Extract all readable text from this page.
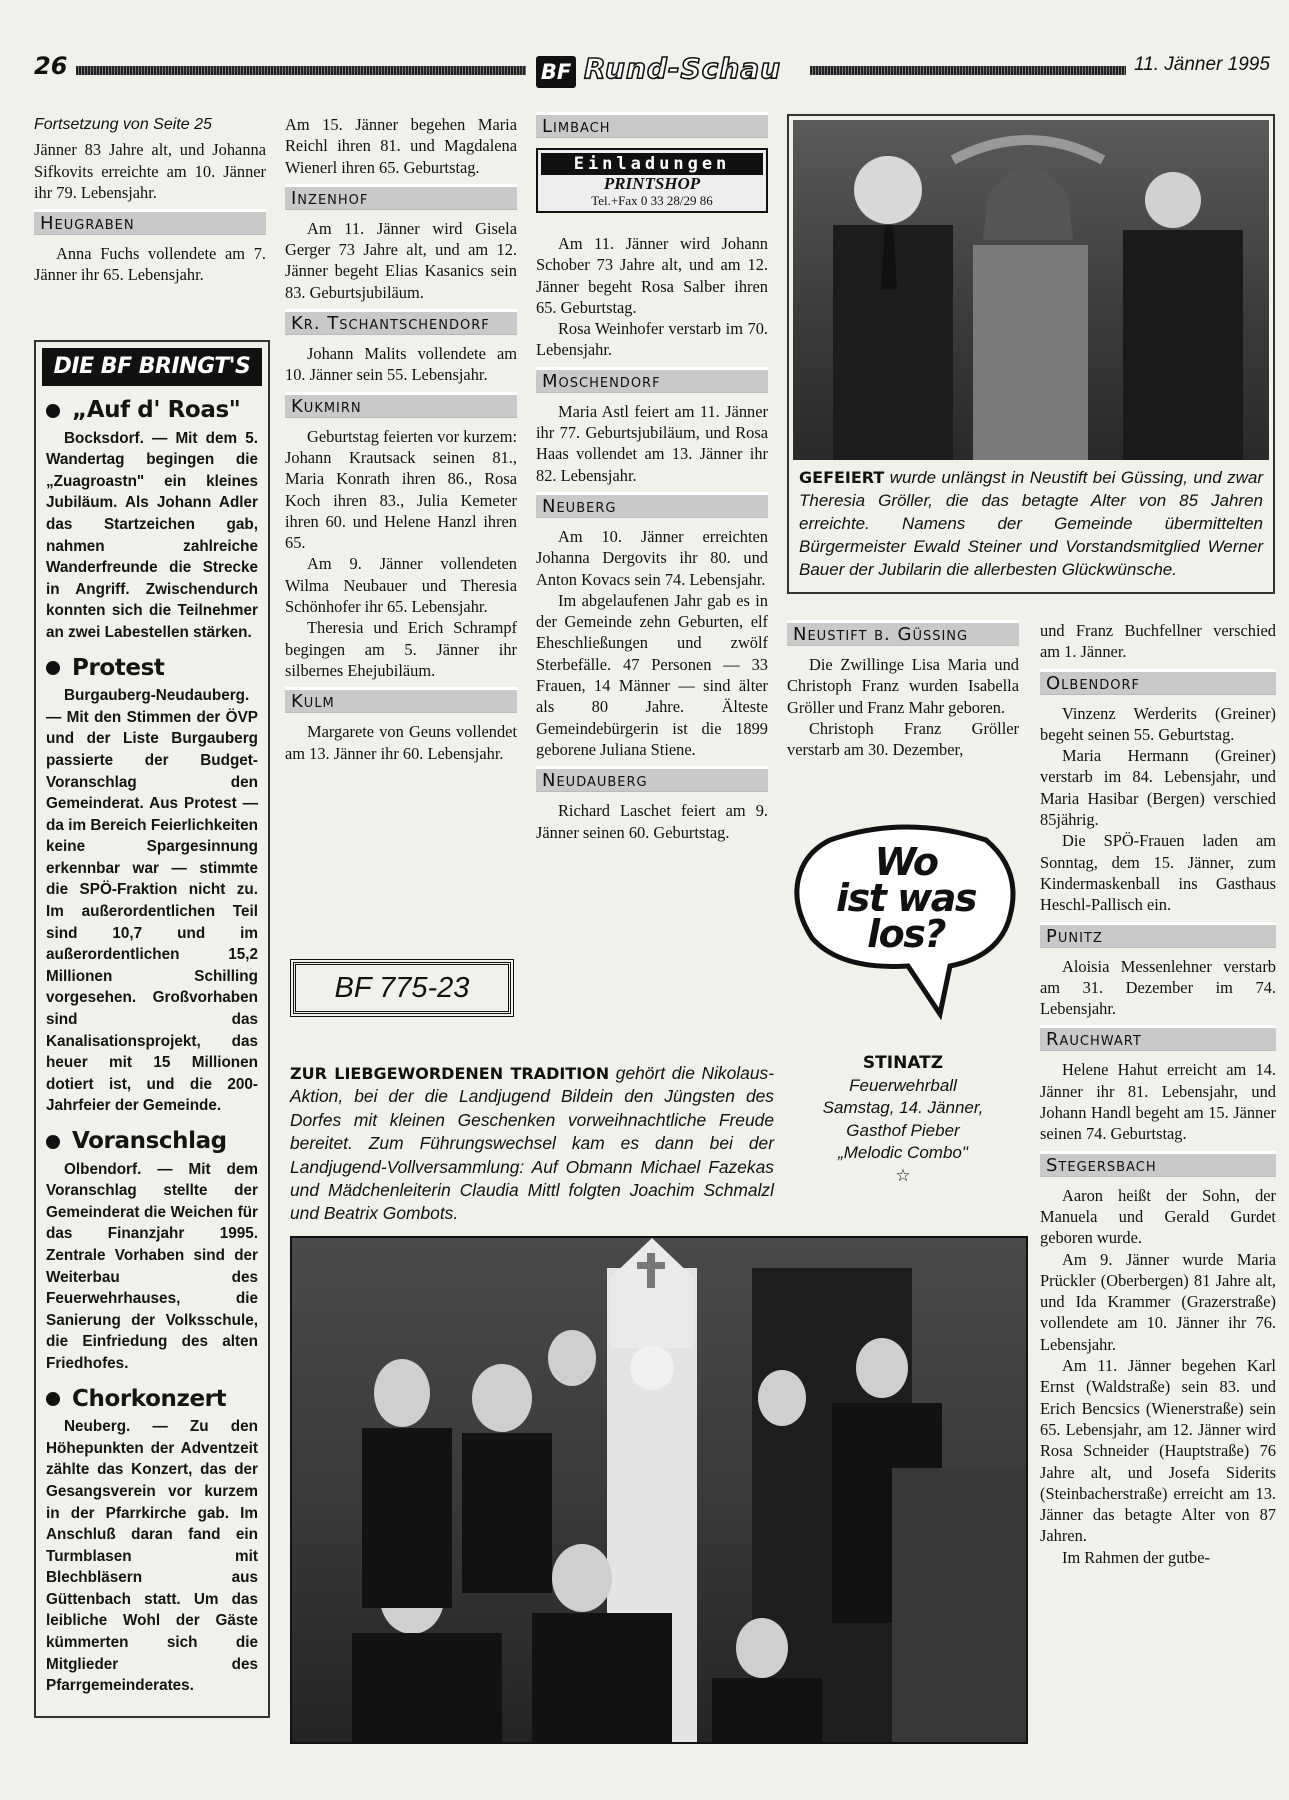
26	BF Rund-Schau	11. Jänner 1995

Fortsetzung von Seite 25

Jänner 83 Jahre alt, und Johanna Sifkovits erreichte am 10. Jänner ihr 79. Lebensjahr.

Heugraben

Anna Fuchs vollendete am 7. Jänner ihr 65. Lebensjahr.

DIE BF BRINGT'S
„Auf d' Roas"

Bocksdorf. — Mit dem 5. Wandertag begingen die „Zuagroastn" ein kleines Jubiläum. Als Johann Adler das Startzeichen gab, nahmen zahlreiche Wanderfreunde die Strecke in Angriff. Zwischendurch konnten sich die Teilnehmer an zwei Labestellen stärken.

Protest

Burgauberg-Neudauberg. — Mit den Stimmen der ÖVP und der Liste Burgauberg passierte der Budget-Voranschlag den Gemeinderat. Aus Protest — da im Bereich Feierlichkeiten keine Spargesinnung erkennbar war — stimmte die SPÖ-Fraktion nicht zu. Im außerordentlichen Teil sind 10,7 und im außerordentlichen 15,2 Millionen Schilling vorgesehen. Großvorhaben sind das Kanalisationsprojekt, das heuer mit 15 Millionen dotiert ist, und die 200-Jahrfeier der Gemeinde.

Voranschlag

Olbendorf. — Mit dem Voranschlag stellte der Gemeinderat die Weichen für das Finanzjahr 1995. Zentrale Vorhaben sind der Weiterbau des Feuerwehrhauses, die Sanierung der Volksschule, die Einfriedung des alten Friedhofes.

Chorkonzert

Neuberg. — Zu den Höhepunkten der Adventzeit zählte das Konzert, das der Gesangsverein vor kurzem in der Pfarrkirche gab. Im Anschluß daran fand ein Turmblasen mit Blechbläsern aus Güttenbach statt. Um das leibliche Wohl der Gäste kümmerten sich die Mitglieder des Pfarrgemeinderates.

Am 15. Jänner begehen Maria Reichl ihren 81. und Magdalena Wienerl ihren 65. Geburtstag.

Inzenhof

Am 11. Jänner wird Gisela Gerger 73 Jahre alt, und am 12. Jänner begeht Elias Kasanics sein 83. Geburtsjubiläum.

Kr. Tschantschendorf

Johann Malits vollendete am 10. Jänner sein 55. Lebensjahr.

Kukmirn

Geburtstag feierten vor kurzem: Johann Krautsack seinen 81., Maria Konrath ihren 86., Rosa Koch ihren 83., Julia Kemeter ihren 60. und Helene Hanzl ihren 65.

Am 9. Jänner vollendeten Wilma Neubauer und Theresia Schönhofer ihr 65. Lebensjahr.

Theresia und Erich Schrampf begingen am 5. Jänner ihr silbernes Ehejubiläum.

Kulm

Margarete von Geuns vollendet am 13. Jänner ihr 60. Lebensjahr.

BF 775-23
Limbach
Einladungen
PRINTSHOP
Tel.+Fax 0 33 28/29 86

Am 11. Jänner wird Johann Schober 73 Jahre alt, und am 12. Jänner begeht Rosa Salber ihren 65. Geburtstag.

Rosa Weinhofer verstarb im 70. Lebensjahr.

Moschendorf

Maria Astl feiert am 11. Jänner ihr 77. Geburtsjubiläum, und Rosa Haas vollendet am 13. Jänner ihr 82. Lebensjahr.

Neuberg

Am 10. Jänner erreichten Johanna Dergovits ihr 80. und Anton Kovacs sein 74. Lebensjahr.

Im abgelaufenen Jahr gab es in der Gemeinde zehn Geburten, elf Eheschließungen und zwölf Sterbefälle. 47 Personen — 33 Frauen, 14 Männer — sind älter als 80 Jahre. Älteste Gemeindebürgerin ist die 1899 geborene Juliana Stiene.

Neudauberg

Richard Laschet feiert am 9. Jänner seinen 60. Geburtstag.

GEFEIERT wurde unlängst in Neustift bei Güssing, und zwar Theresia Gröller, die das betagte Alter von 85 Jahren erreichte. Namens der Gemeinde übermittelten Bürgermeister Ewald Steiner und Vorstandsmitglied Werner Bauer der Jubilarin die allerbesten Glückwünsche.
Neustift b. Güssing

Die Zwillinge Lisa Maria und Christoph Franz wurden Isabella Gröller und Franz Mahr geboren.

Christoph Franz Gröller verstarb am 30. Dezember,

Wo
ist was
los?
STINATZ
Feuerwehrball
Samstag, 14. Jänner,
Gasthof Pieber
„Melodic Combo"
☆

und Franz Buchfellner verschied am 1. Jänner.

Olbendorf

Vinzenz Werderits (Greiner) begeht seinen 55. Geburtstag.

Maria Hermann (Greiner) verstarb im 84. Lebensjahr, und Maria Hasibar (Bergen) verschied 85jährig.

Die SPÖ-Frauen laden am Sonntag, dem 15. Jänner, zum Kindermaskenball ins Gasthaus Heschl-Pallisch ein.

Punitz

Aloisia Messenlehner verstarb am 31. Dezember im 74. Lebensjahr.

Rauchwart

Helene Hahut erreicht am 14. Jänner ihr 81. Lebensjahr, und Johann Handl begeht am 15. Jänner seinen 74. Geburtstag.

Stegersbach

Aaron heißt der Sohn, der Manuela und Gerald Gurdet geboren wurde.

Am 9. Jänner wurde Maria Prückler (Oberbergen) 81 Jahre alt, und Ida Krammer (Grazerstraße) vollendete am 10. Jänner ihr 76. Lebensjahr.

Am 11. Jänner begehen Karl Ernst (Waldstraße) sein 83. und Erich Bencsics (Wienerstraße) sein 65. Lebensjahr, am 12. Jänner wird Rosa Schneider (Hauptstraße) 76 Jahre alt, und Josefa Siderits (Steinbacherstraße) erreicht am 13. Jänner das betagte Alter von 87 Jahren.

Im Rahmen der gutbe-

ZUR LIEBGEWORDENEN TRADITION gehört die Nikolaus-Aktion, bei der die Landjugend Bildein den Jüngsten des Dorfes mit kleinen Geschenken vorweihnachtliche Freude bereitet. Zum Führungswechsel kam es dann bei der Landjugend-Vollversammlung: Auf Obmann Michael Fazekas und Mädchenleiterin Claudia Mittl folgten Joachim Schmalzl und Beatrix Gombots.
